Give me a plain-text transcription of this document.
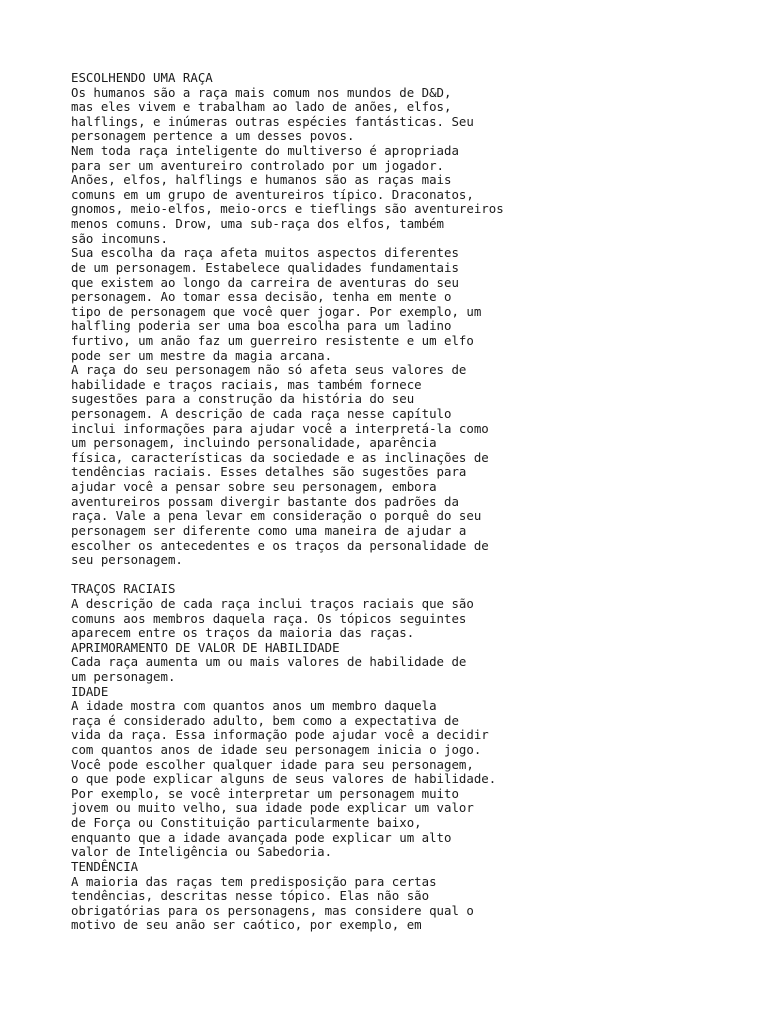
ESCOLHENDO UMA RAÇA
Os humanos são a raça mais comum nos mundos de D&D,
mas eles vivem e trabalham ao lado de anões, elfos,
halflings, e inúmeras outras espécies fantásticas. Seu
personagem pertence a um desses povos.
Nem toda raça inteligente do multiverso é apropriada
para ser um aventureiro controlado por um jogador.
Anões, elfos, halflings e humanos são as raças mais
comuns em um grupo de aventureiros típico. Draconatos,
gnomos, meio-elfos, meio-orcs e tieflings são aventureiros
menos comuns. Drow, uma sub-raça dos elfos, também
são incomuns.
Sua escolha da raça afeta muitos aspectos diferentes
de um personagem. Estabelece qualidades fundamentais
que existem ao longo da carreira de aventuras do seu
personagem. Ao tomar essa decisão, tenha em mente o
tipo de personagem que você quer jogar. Por exemplo, um
halfling poderia ser uma boa escolha para um ladino
furtivo, um anão faz um guerreiro resistente e um elfo
pode ser um mestre da magia arcana.
A raça do seu personagem não só afeta seus valores de
habilidade e traços raciais, mas também fornece
sugestões para a construção da história do seu
personagem. A descrição de cada raça nesse capítulo
inclui informações para ajudar você a interpretá-la como
um personagem, incluindo personalidade, aparência
física, características da sociedade e as inclinações de
tendências raciais. Esses detalhes são sugestões para
ajudar você a pensar sobre seu personagem, embora
aventureiros possam divergir bastante dos padrões da
raça. Vale a pena levar em consideração o porquê do seu
personagem ser diferente como uma maneira de ajudar a
escolher os antecedentes e os traços da personalidade de
seu personagem.
TRAÇOS RACIAIS
A descrição de cada raça inclui traços raciais que são
comuns aos membros daquela raça. Os tópicos seguintes
aparecem entre os traços da maioria das raças.
APRIMORAMENTO DE VALOR DE HABILIDADE
Cada raça aumenta um ou mais valores de habilidade de
um personagem.
IDADE
A idade mostra com quantos anos um membro daquela
raça é considerado adulto, bem como a expectativa de
vida da raça. Essa informação pode ajudar você a decidir
com quantos anos de idade seu personagem inicia o jogo.
Você pode escolher qualquer idade para seu personagem,
o que pode explicar alguns de seus valores de habilidade.
Por exemplo, se você interpretar um personagem muito
jovem ou muito velho, sua idade pode explicar um valor
de Força ou Constituição particularmente baixo,
enquanto que a idade avançada pode explicar um alto
valor de Inteligência ou Sabedoria.
TENDÊNCIA
A maioria das raças tem predisposição para certas
tendências, descritas nesse tópico. Elas não são
obrigatórias para os personagens, mas considere qual o
motivo de seu anão ser caótico, por exemplo, em
